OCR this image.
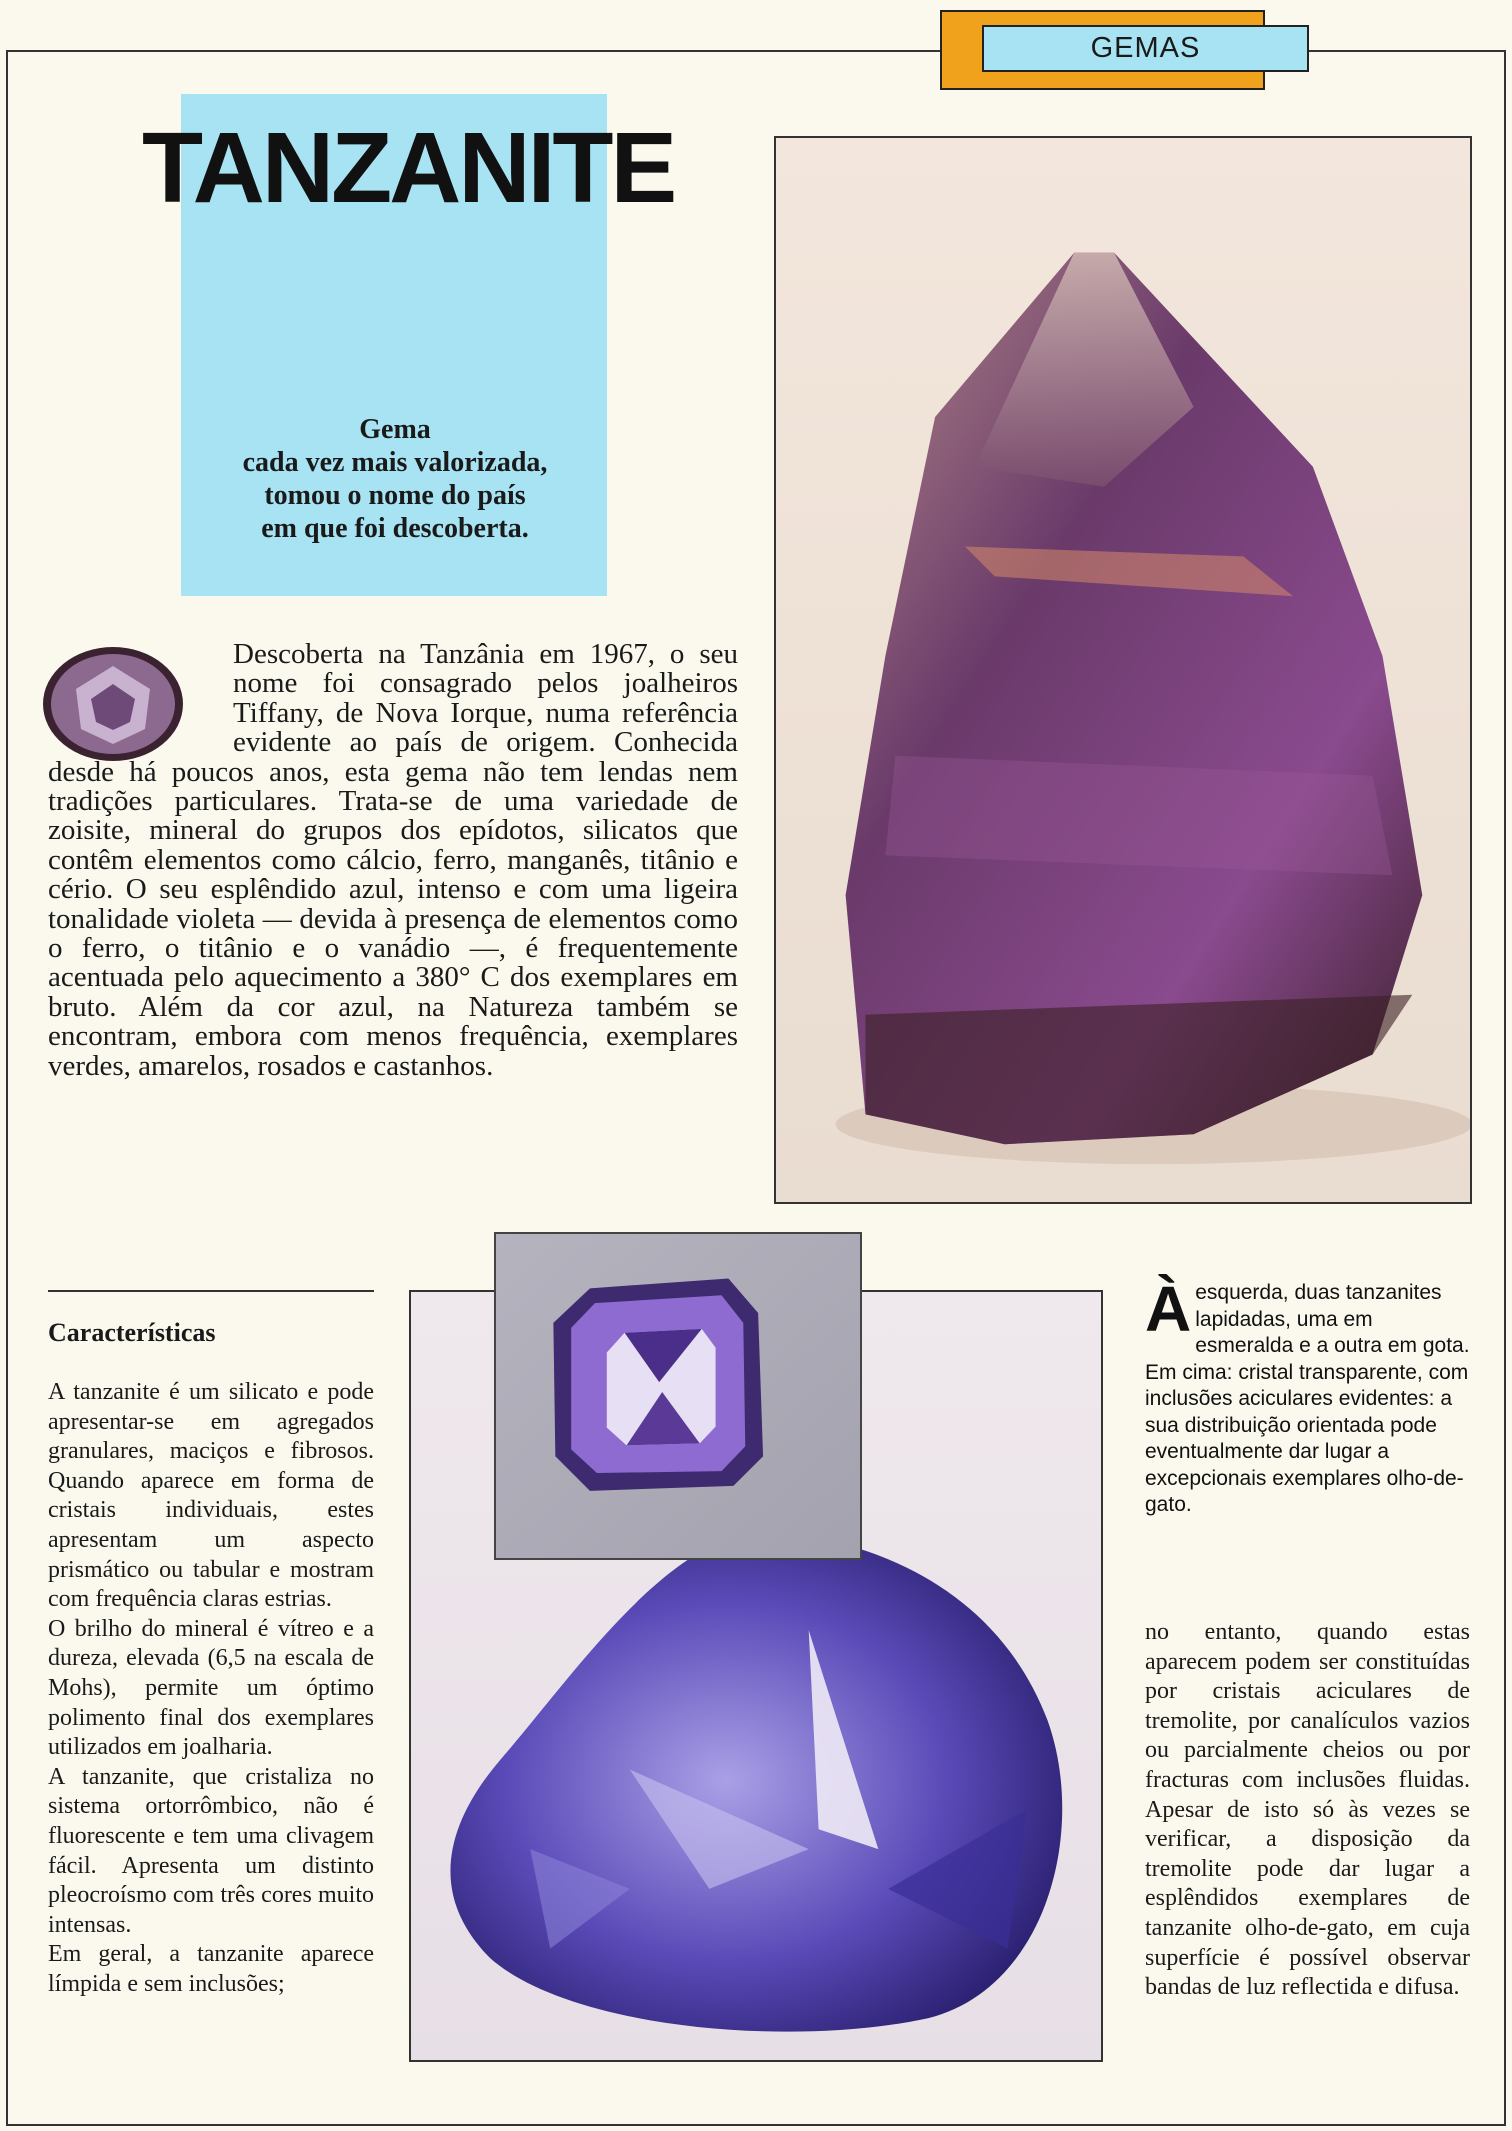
GEMAS
TANZANITE
Gema
cada vez mais valorizada,
tomou o nome do país
em que foi descoberta.

Descoberta na Tanzânia em 1967, o seu nome foi consagrado pelos joalheiros Tiffany, de Nova Iorque, numa referência evidente ao país de origem. Conhecida desde há poucos anos, esta gema não tem lendas nem tradições particulares. Trata-se de uma variedade de zoisite, mineral do grupos dos epídotos, silicatos que contêm elementos como cálcio, ferro, manganês, titânio e cério. O seu esplêndido azul, intenso e com uma ligeira tonalidade violeta — devida à presença de elementos como o ferro, o titânio e o vanádio —, é frequentemente acentuada pelo aquecimento a 380° C dos exemplares em bruto. Além da cor azul, na Natureza também se encontram, embora com menos frequência, exemplares verdes, amarelos, rosados e castanhos.

Características

A tanzanite é um silicato e pode apresentar-se em agregados granulares, maciços e fibrosos. Quando aparece em forma de cristais individuais, estes apresentam um aspecto prismático ou tabular e mostram com frequência claras estrias.

O brilho do mineral é vítreo e a dureza, elevada (6,5 na escala de Mohs), permite um óptimo polimento final dos exemplares utilizados em joalharia.

A tanzanite, que cristaliza no sistema ortorrômbico, não é fluorescente e tem uma clivagem fácil. Apresenta um distinto pleocroísmo com três cores muito intensas.

Em geral, a tanzanite aparece límpida e sem inclusões;

Àesquerda, duas tanzanites lapidadas, uma em esmeralda e a outra em gota. Em cima: cristal transparente, com inclusões aciculares evidentes: a sua distribuição orientada pode eventualmente dar lugar a excepcionais exemplares olho-de-gato.

no entanto, quando estas aparecem podem ser constituídas por cristais aciculares de tremolite, por canalículos vazios ou parcialmente cheios ou por fracturas com inclusões fluidas. Apesar de isto só às vezes se verificar, a disposição da tremolite pode dar lugar a esplêndidos exemplares de tanzanite olho-de-gato, em cuja superfície é possível observar bandas de luz reflectida e difusa.
